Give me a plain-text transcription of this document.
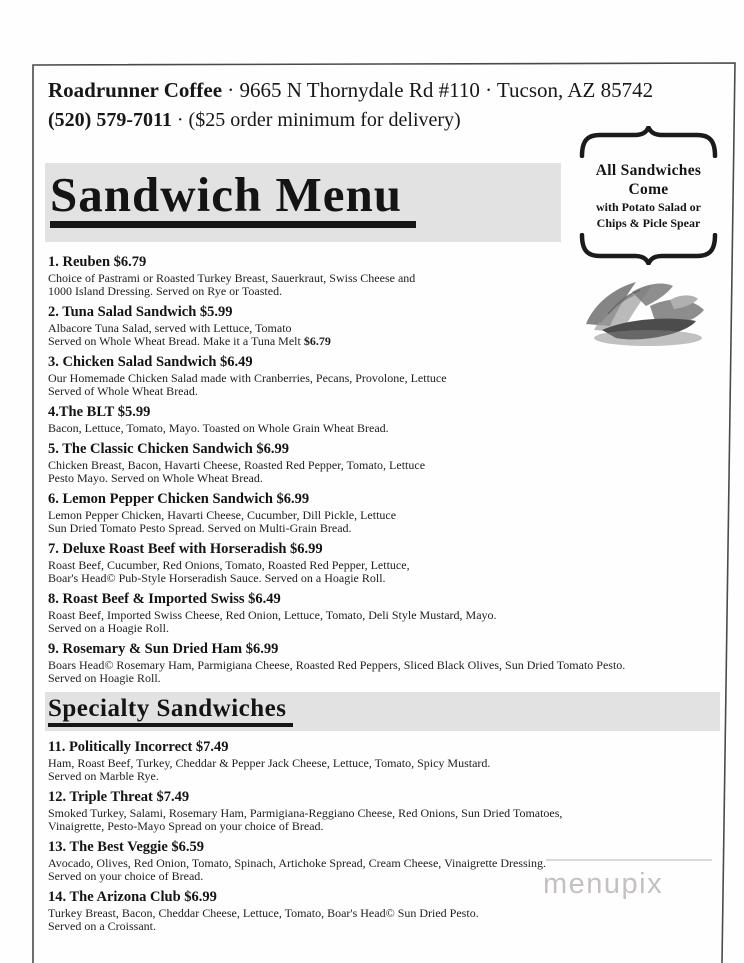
Roadrunner Coffee · 9665 N Thornydale Rd #110 · Tucson, AZ 85742
(520) 579-7011 · ($25 order minimum for delivery)
Sandwich Menu	All Sandwiches Come
with Potato Salad or
Chips & Picle Spear
1. Reuben $6.79
Choice of Pastrami or Roasted Turkey Breast, Sauerkraut, Swiss Cheese and
1000 Island Dressing. Served on Rye or Toasted.
2. Tuna Salad Sandwich $5.99
Albacore Tuna Salad, served with Lettuce, Tomato
Served on Whole Wheat Bread. Make it a Tuna Melt $6.79
3. Chicken Salad Sandwich $6.49
Our Homemade Chicken Salad made with Cranberries, Pecans, Provolone, Lettuce
Served of Whole Wheat Bread.
4.The BLT $5.99
Bacon, Lettuce, Tomato, Mayo. Toasted on Whole Grain Wheat Bread.
5. The Classic Chicken Sandwich $6.99
Chicken Breast, Bacon, Havarti Cheese, Roasted Red Pepper, Tomato, Lettuce
Pesto Mayo. Served on Whole Wheat Bread.
6. Lemon Pepper Chicken Sandwich $6.99
Lemon Pepper Chicken, Havarti Cheese, Cucumber, Dill Pickle, Lettuce
Sun Dried Tomato Pesto Spread. Served on Multi-Grain Bread.
7. Deluxe Roast Beef with Horseradish $6.99
Roast Beef, Cucumber, Red Onions, Tomato, Roasted Red Pepper, Lettuce,
Boar's Head© Pub-Style Horseradish Sauce. Served on a Hoagie Roll.
8. Roast Beef & Imported Swiss $6.49
Roast Beef, Imported Swiss Cheese, Red Onion, Lettuce, Tomato, Deli Style Mustard, Mayo.
Served on a Hoagie Roll.
9. Rosemary & Sun Dried Ham $6.99
Boars Head© Rosemary Ham, Parmigiana Cheese, Roasted Red Peppers, Sliced Black Olives, Sun Dried Tomato Pesto.
Served on Hoagie Roll.
Specialty Sandwiches
11. Politically Incorrect $7.49
Ham, Roast Beef, Turkey, Cheddar & Pepper Jack Cheese, Lettuce, Tomato, Spicy Mustard.
Served on Marble Rye.
12. Triple Threat $7.49
Smoked Turkey, Salami, Rosemary Ham, Parmigiana-Reggiano Cheese, Red Onions, Sun Dried Tomatoes,
Vinaigrette, Pesto-Mayo Spread on your choice of Bread.
13. The Best Veggie $6.59
Avocado, Olives, Red Onion, Tomato, Spinach, Artichoke Spread, Cream Cheese, Vinaigrette Dressing.
Served on your choice of Bread.
14. The Arizona Club $6.99
Turkey Breast, Bacon, Cheddar Cheese, Lettuce, Tomato, Boar's Head© Sun Dried Pesto.
Served on a Croissant.
menupix
